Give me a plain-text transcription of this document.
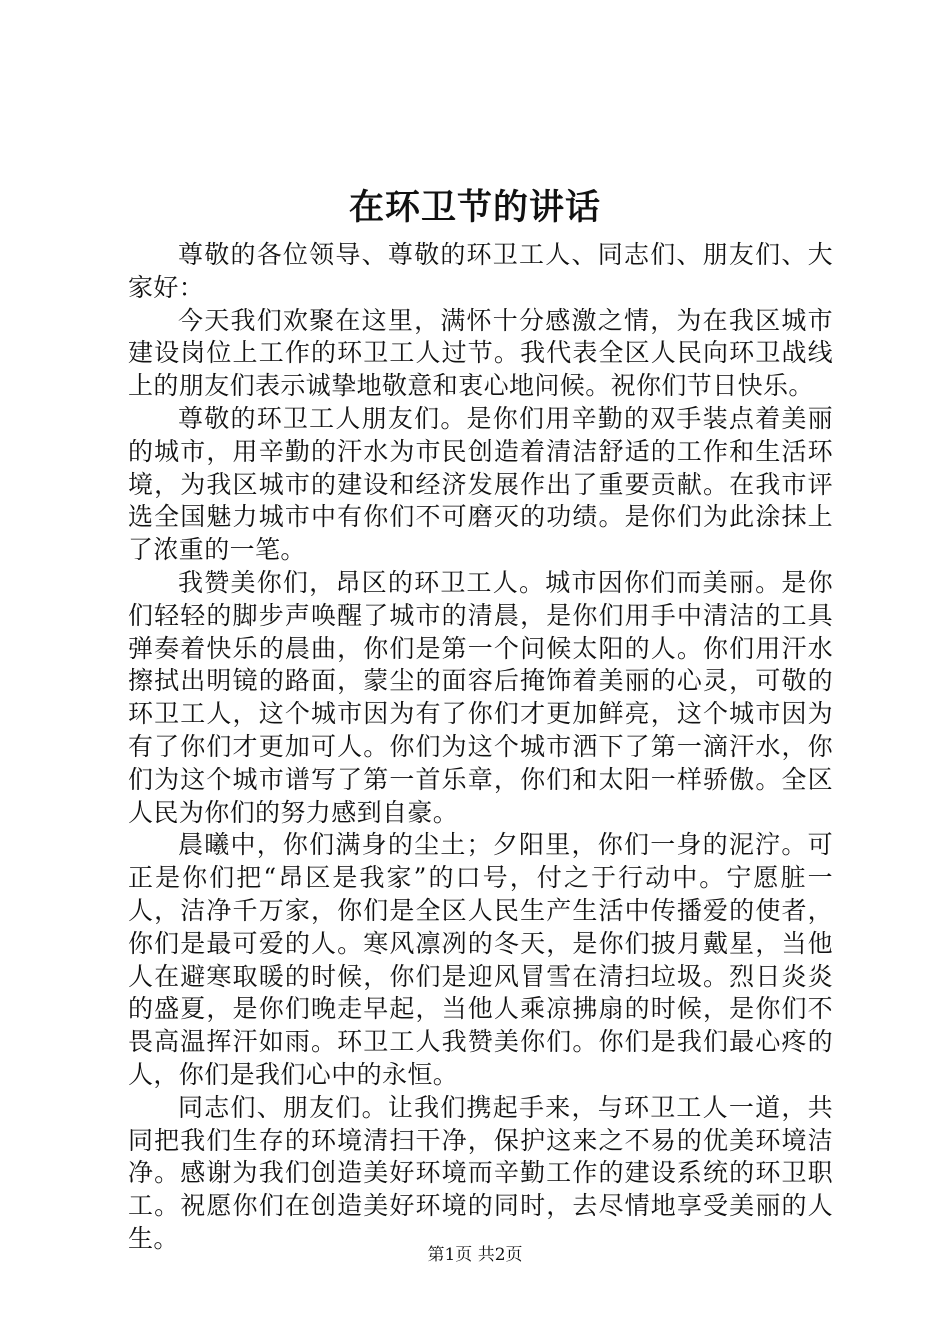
在环卫节的讲话

尊敬的各位领导、尊敬的环卫工人、同志们、朋友们、大家好：

今天我们欢聚在这里，满怀十分感激之情，为在我区城市建设岗位上工作的环卫工人过节。我代表全区人民向环卫战线上的朋友们表示诚挚地敬意和衷心地问候。祝你们节日快乐。

尊敬的环卫工人朋友们。是你们用辛勤的双手装点着美丽的城市，用辛勤的汗水为市民创造着清洁舒适的工作和生活环境，为我区城市的建设和经济发展作出了重要贡献。在我市评选全国魅力城市中有你们不可磨灭的功绩。是你们为此涂抹上了浓重的一笔。

我赞美你们，昂区的环卫工人。城市因你们而美丽。是你们轻轻的脚步声唤醒了城市的清晨，是你们用手中清洁的工具弹奏着快乐的晨曲，你们是第一个问候太阳的人。你们用汗水擦拭出明镜的路面，蒙尘的面容后掩饰着美丽的心灵，可敬的环卫工人，这个城市因为有了你们才更加鲜亮，这个城市因为有了你们才更加可人。你们为这个城市洒下了第一滴汗水，你们为这个城市谱写了第一首乐章，你们和太阳一样骄傲。全区人民为你们的努力感到自豪。

晨曦中，你们满身的尘土；夕阳里，你们一身的泥泞。可正是你们把“昂区是我家”的口号，付之于行动中。宁愿脏一人，洁净千万家，你们是全区人民生产生活中传播爱的使者，你们是最可爱的人。寒风凛冽的冬天，是你们披月戴星，当他人在避寒取暖的时候，你们是迎风冒雪在清扫垃圾。烈日炎炎的盛夏，是你们晚走早起，当他人乘凉拂扇的时候，是你们不畏高温挥汗如雨。环卫工人我赞美你们。你们是我们最心疼的人，你们是我们心中的永恒。

同志们、朋友们。让我们携起手来，与环卫工人一道，共同把我们生存的环境清扫干净，保护这来之不易的优美环境洁净。感谢为我们创造美好环境而辛勤工作的建设系统的环卫职工。祝愿你们在创造美好环境的同时，去尽情地享受美丽的人生。

第1页 共2页
